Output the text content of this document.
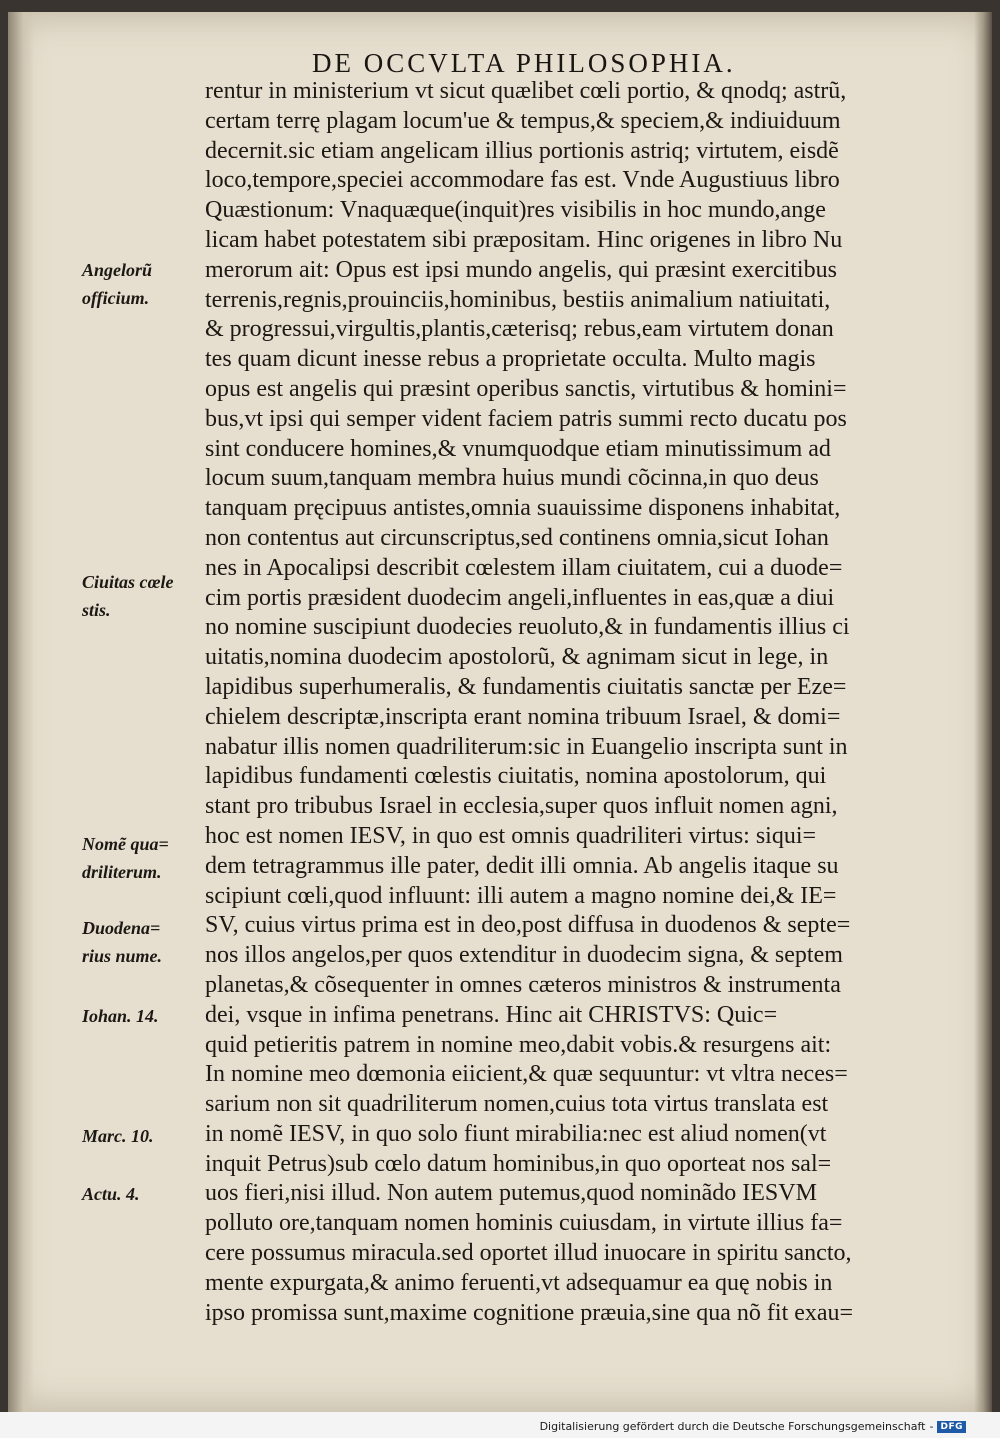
DE OCCVLTA PHILOSOPHIA.
rentur in ministerium vt sicut quælibet cœli portio, & qnodq; astrũ,
certam terrę plagam locum'ue & tempus,& speciem,& indiuiduum
decernit.sic etiam angelicam illius portionis astriq; virtutem, eisdẽ
loco,tempore,speciei accommodare fas est. Vnde Augustiuus libro
Quæstionum: Vnaquæque(inquit)res visibilis in hoc mundo,ange
licam habet potestatem sibi præpositam. Hinc origenes in libro Nu
merorum ait: Opus est ipsi mundo angelis, qui præsint exercitibus
terrenis,regnis,prouinciis,hominibus, bestiis animalium natiuitati,
& progressui,virgultis,plantis,cæterisq; rebus,eam virtutem donan
tes quam dicunt inesse rebus a proprietate occulta. Multo magis
opus est angelis qui præsint operibus sanctis, virtutibus & homini=
bus,vt ipsi qui semper vident faciem patris summi recto ducatu pos
sint conducere homines,& vnumquodque etiam minutissimum ad
locum suum,tanquam membra huius mundi cõcinna,in quo deus
tanquam pręcipuus antistes,omnia suauissime disponens inhabitat,
non contentus aut circunscriptus,sed continens omnia,sicut Iohan
nes in Apocalipsi describit cœlestem illam ciuitatem, cui a duode=
cim portis præsident duodecim angeli,influentes in eas,quæ a diui
no nomine suscipiunt duodecies reuoluto,& in fundamentis illius ci
uitatis,nomina duodecim apostolorũ, & agnimam sicut in lege, in
lapidibus superhumeralis, & fundamentis ciuitatis sanctæ per Eze=
chielem descriptæ,inscripta erant nomina tribuum Israel, & domi=
nabatur illis nomen quadriliterum:sic in Euangelio inscripta sunt in
lapidibus fundamenti cœlestis ciuitatis, nomina apostolorum, qui
stant pro tribubus Israel in ecclesia,super quos influit nomen agni,
hoc est nomen IESV, in quo est omnis quadriliteri virtus: siqui=
dem tetragrammus ille pater, dedit illi omnia. Ab angelis itaque su
scipiunt cœli,quod influunt: illi autem a magno nomine dei,& IE=
SV, cuius virtus prima est in deo,post diffusa in duodenos & septe=
nos illos angelos,per quos extenditur in duodecim signa, & septem
planetas,& cõsequenter in omnes cæteros ministros & instrumenta
dei, vsque in infima penetrans. Hinc ait CHRISTVS: Quic=
quid petieritis patrem in nomine meo,dabit vobis.& resurgens ait:
In nomine meo dœmonia eiicient,& quæ sequuntur: vt vltra neces=
sarium non sit quadriliterum nomen,cuius tota virtus translata est
in nomẽ IESV, in quo solo fiunt mirabilia:nec est aliud nomen(vt
inquit Petrus)sub cœlo datum hominibus,in quo oporteat nos sal=
uos fieri,nisi illud. Non autem putemus,quod nominãdo IESVM
polluto ore,tanquam nomen hominis cuiusdam, in virtute illius fa=
cere possumus miracula.sed oportet illud inuocare in spiritu sancto,
mente expurgata,& animo feruenti,vt adsequamur ea quę nobis in
ipso promissa sunt,maxime cognitione præuia,sine qua nõ fit exau=
Angelorũ
officium.
Ciuitas cœle
stis.
Nomẽ qua=
driliterum.
Duodena=
rius nume.
Iohan. 14.
Marc. 10.
Actu. 4.
Digitalisierung gefördert durch die Deutsche Forschungsgemeinschaft - DFG
